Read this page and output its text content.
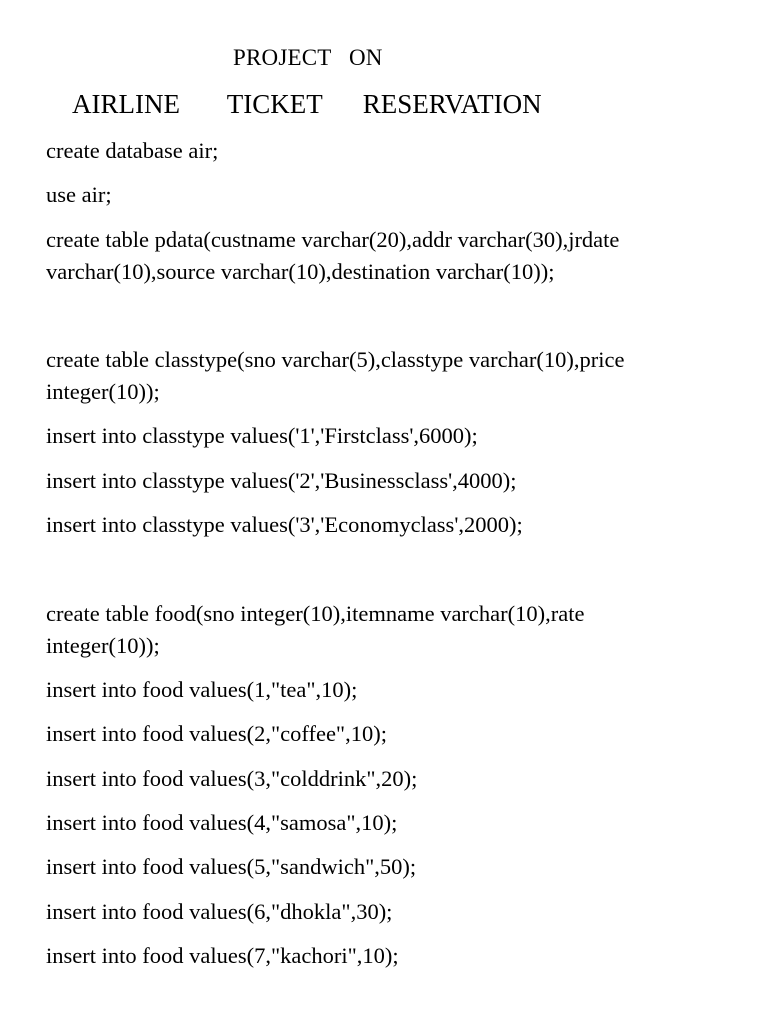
PROJECT   ON
AIRLINE       TICKET      RESERVATION
create database air;
use air;
create table pdata(custname varchar(20),addr varchar(30),jrdate
varchar(10),source varchar(10),destination varchar(10));
create table classtype(sno varchar(5),classtype varchar(10),price
integer(10));
insert into classtype values('1','Firstclass',6000);
insert into classtype values('2','Businessclass',4000);
insert into classtype values('3','Economyclass',2000);
create table food(sno integer(10),itemname varchar(10),rate
integer(10));
insert into food values(1,"tea",10);
insert into food values(2,"coffee",10);
insert into food values(3,"colddrink",20);
insert into food values(4,"samosa",10);
insert into food values(5,"sandwich",50);
insert into food values(6,"dhokla",30);
insert into food values(7,"kachori",10);
